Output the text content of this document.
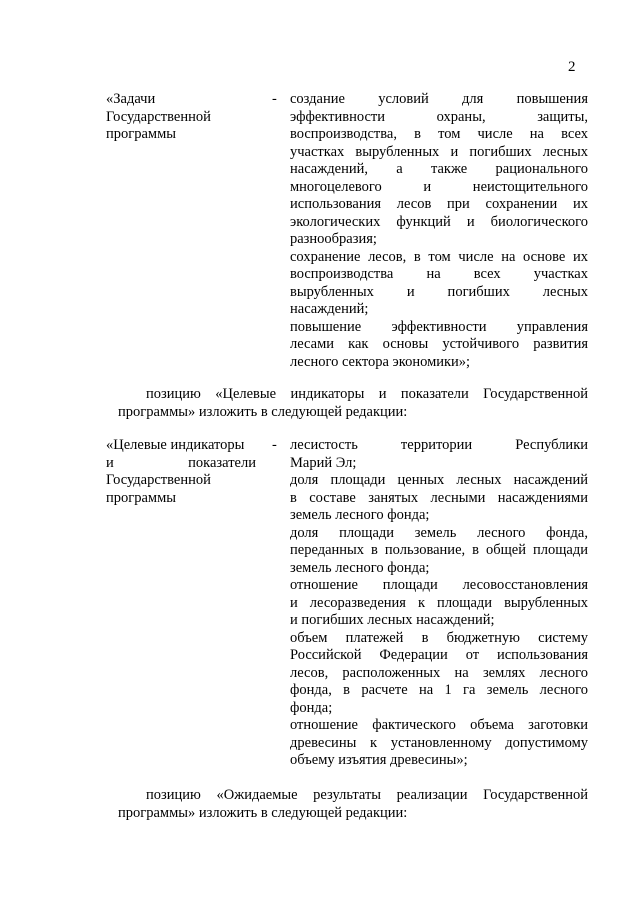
2

«Задачи

Государственной

программы

- создание условий для повышения

эффективности охраны, защиты,

воспроизводства, в том числе на всех

участках вырубленных и погибших лесных

насаждений, а также рационального

многоцелевого и неистощительного

использования лесов при сохранении их

экологических функций и биологического

разнообразия;

сохранение лесов, в том числе на основе их

воспроизводства на всех участках

вырубленных и погибших лесных

насаждений;

повышение эффективности управления

лесами как основы устойчивого развития

лесного сектора экономики»;

позицию «Целевые индикаторы и показатели Государственной
программы» изложить в следующей редакции:

«Целевые индикаторы

и показатели

Государственной

программы

- лесистость территории Республики

Марий Эл;

доля площади ценных лесных насаждений

в составе занятых лесными насаждениями

земель лесного фонда;

доля площади земель лесного фонда,

переданных в пользование, в общей площади

земель лесного фонда;

отношение площади лесовосстановления

и лесоразведения к площади вырубленных

и погибших лесных насаждений;

объем платежей в бюджетную систему

Российской Федерации от использования

лесов, расположенных на землях лесного

фонда, в расчете на 1 га земель лесного

фонда;

отношение фактического объема заготовки

древесины к установленному допустимому

объему изъятия древесины»;

позицию «Ожидаемые результаты реализации Государственной
программы» изложить в следующей редакции:
